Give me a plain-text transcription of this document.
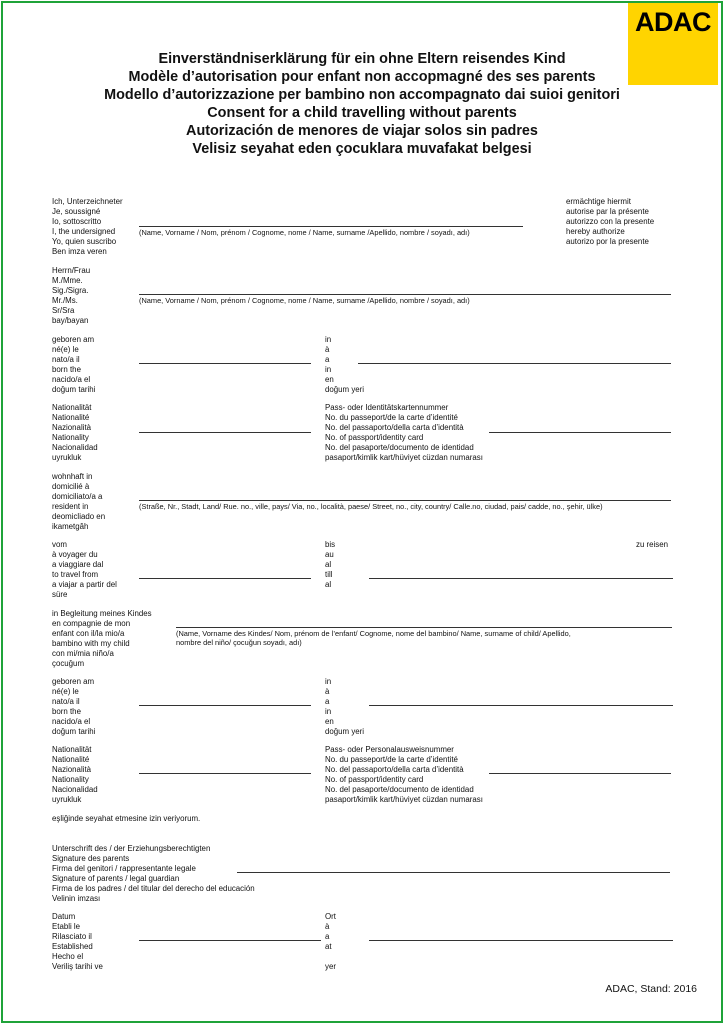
ADAC
Einverständniserklärung für ein ohne Eltern reisendes Kind
Modèle d’autorisation pour enfant non accopmagné des ses parents
Modello d’autorizzazione per bambino non accompagnato dai suioi genitori
Consent for a child travelling without parents
Autorización de menores de viajar solos sin padres
Velisiz seyahat eden çocuklara muvafakat belgesi
Ich, Unterzeichneter
Je, soussigné
Io, sottoscritto
I, the undersigned
Yo, quien suscribo
Ben imza veren
(Name, Vorname / Nom, prénom / Cognome, nome / Name, surname /Apellido, nombre / soyadı, adı)
ermächtige hiermit
autorise par la présente
autorizzo con la presente
hereby authorize
autorizo por la presente
Herrn/Frau
M./Mme.
Sig./Sigra.
Mr./Ms.
Sr/Sra
bay/bayan
(Name, Vorname / Nom, prénom / Cognome, nome / Name, surname /Apellido, nombre / soyadı, adı)
geboren am
né(e) le
nato/a il
born the
nacido/a el
doğum tarihi
in
à
a
in
en
doğum yeri
Nationalität
Nationalité
Nazionalità
Nationality
Nacionalidad
uyrukluk
Pass- oder Identitätskartennummer
No. du passeport/de la carte d’identité
No. del passaporto/della carta d’identità
No. of passport/identity card
No. del pasaporte/documento de identidad
pasaport/kimlik kart/hüviyet cüzdan numarası
wohnhaft in
domicilié à
domiciliato/a a
resident in
deomicliado en
ikametgâh
(Straße, Nr., Stadt, Land/ Rue. no., ville, pays/ Via, no., località, paese/ Street, no., city, country/ Calle.no, ciudad, pais/ cadde, no., şehir, ülke)
vom
à voyager du
a viaggiare dal
to travel from
a viajar a partir del
süre
bis
au
al
till
al
zu reisen
in Begleitung meines Kindes
en compagnie de mon
enfant con il/la mio/a
bambino with my child
con mi/mia niño/a
çocuğum
(Name, Vorname des Kindes/ Nom, prénom de l’enfant/ Cognome, nome del bambino/ Name, surname of child/ Apellido,
nombre del niño/ çocuğun soyadı, adı)
geboren am
né(e) le
nato/a il
born the
nacido/a el
doğum tarihi
in
à
a
in
en
doğum yeri
Nationalität
Nationalité
Nazionalità
Nationality
Nacionalidad
uyrukluk
Pass- oder Personalausweisnummer
No. du passeport/de la carte d’identité
No. del passaporto/della carta d’identità
No. of passport/identity card
No. del pasaporte/documento de identidad
pasaport/kimlik kart/hüviyet cüzdan numarası
eşliğinde seyahat etmesine izin veriyorum.
Unterschrift des / der Erziehungsberechtigten
Signature des parents
Firma del genitori / rappresentante legale
Signature of parents / legal guardian
Firma de los padres / del titular del derecho del educación
Velinin imzası
Datum
Etabli le
Rilasciato il
Established
Hecho el
Veriliş tarihi ve
Ort
à
a
at

yer
ADAC, Stand: 2016
